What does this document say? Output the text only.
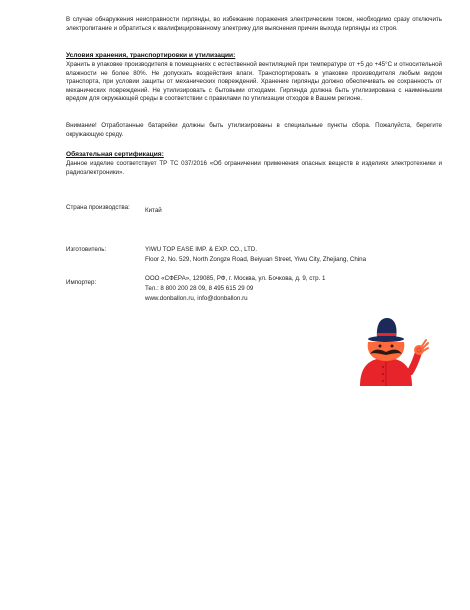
В случае обнаружения неисправности гирлянды, во избежание поражения электрическим током, необходимо сразу отключить электропитание и обратиться к квалифицированному электрику для выяснения причин выхода гирлянды из строя.

Условия хранения, транспортировки и утилизации:

Хранить в упаковке производителя в помещениях с естественной вентиляцией при температуре от +5 до +45°С и относительной влажности не более 80%. Не допускать воздействия влаги. Транспортировать в упаковке производителя любым видом транспорта, при условии защиты от механических повреждений. Хранение гирлянды должно обеспечивать ее сохранность от механических повреждений. Не утилизировать с бытовыми отходами. Гирлянда должна быть утилизирована с наименьшим вредом для окружающей среды в соответствии с правилами по утилизации отходов в Вашем регионе.

Внимание! Отработанные батарейки должны быть утилизированы в специальные пункты сбора. Пожалуйста, берегите окружающую среду.

Обязательная сертификация:

Данное изделие соответствует ТР ТС 037/2016 «Об ограничении применения опасных веществ в изделиях электротехники и радиоэлектроники».

Страна производства:	Китай
Изготовитель:	YIWU TOP EASE IMP. & EXP. CO., LTD.
Floor 2, No. 529, North Zongze Road, Beiyuan Street, Yiwu City, Zhejiang, China
Импортер:
ООО «СФЕРА», 129085, РФ, г. Москва, ул. Бочкова, д. 9, стр. 1
Тел.: 8 800 200 28 09, 8 495 615 29 09
www.donballon.ru, info@donballon.ru
